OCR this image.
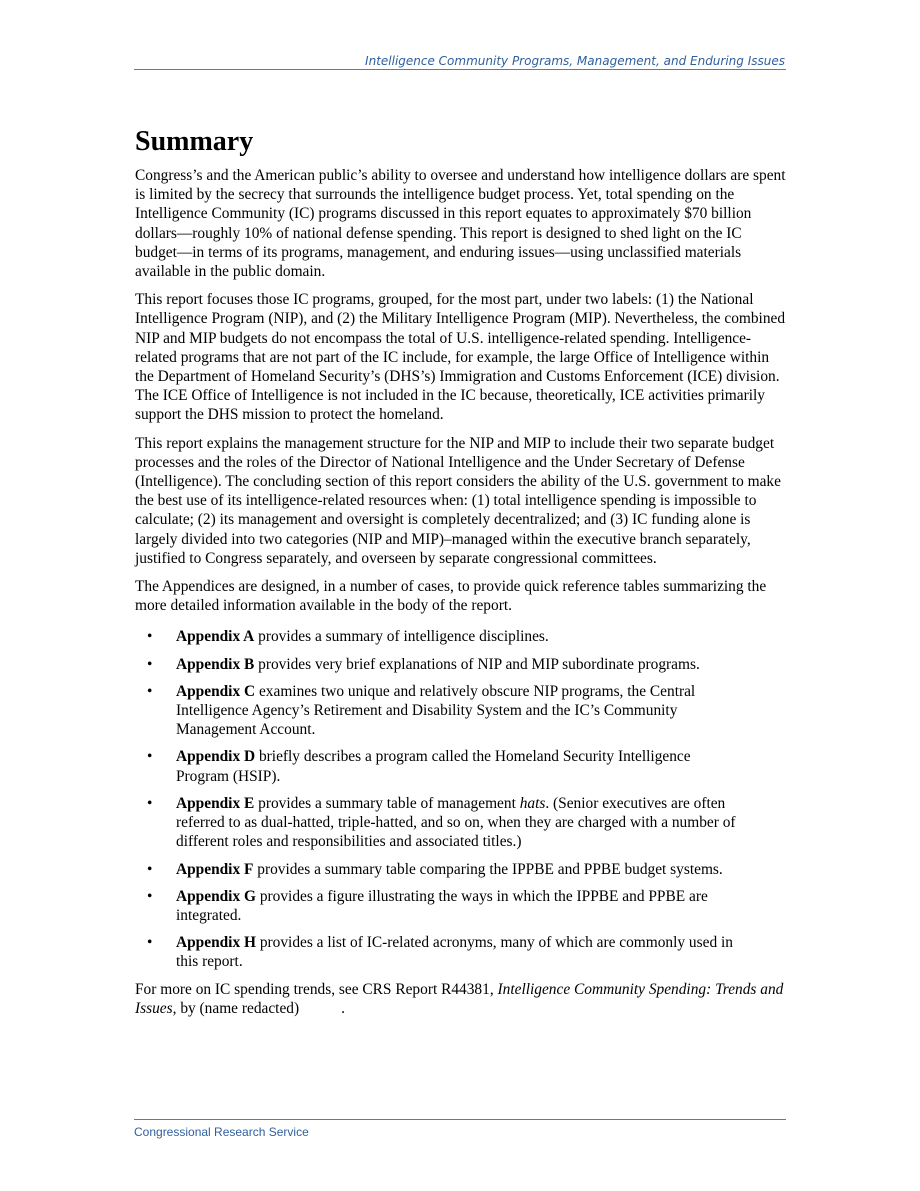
Intelligence Community Programs, Management, and Enduring Issues
Summary

Congress’s and the American public’s ability to oversee and understand how intelligence dollars are spent is limited by the secrecy that surrounds the intelligence budget process. Yet, total spending on the Intelligence Community (IC) programs discussed in this report equates to approximately $70 billion dollars—roughly 10% of national defense spending. This report is designed to shed light on the IC budget—in terms of its programs, management, and enduring issues—using unclassified materials available in the public domain.

This report focuses those IC programs, grouped, for the most part, under two labels: (1) the National Intelligence Program (NIP), and (2) the Military Intelligence Program (MIP). Nevertheless, the combined NIP and MIP budgets do not encompass the total of U.S. intelligence-related spending. Intelligence-related programs that are not part of the IC include, for example, the large Office of Intelligence within the Department of Homeland Security’s (DHS’s) Immigration and Customs Enforcement (ICE) division. The ICE Office of Intelligence is not included in the IC because, theoretically, ICE activities primarily support the DHS mission to protect the homeland.

This report explains the management structure for the NIP and MIP to include their two separate budget processes and the roles of the Director of National Intelligence and the Under Secretary of Defense (Intelligence). The concluding section of this report considers the ability of the U.S. government to make the best use of its intelligence-related resources when: (1) total intelligence spending is impossible to calculate; (2) its management and oversight is completely decentralized; and (3) IC funding alone is largely divided into two categories (NIP and MIP)–managed within the executive branch separately, justified to Congress separately, and overseen by separate congressional committees.

The Appendices are designed, in a number of cases, to provide quick reference tables summarizing the more detailed information available in the body of the report.

• Appendix A provides a summary of intelligence disciplines.
• Appendix B provides very brief explanations of NIP and MIP subordinate programs.
• Appendix C examines two unique and relatively obscure NIP programs, the Central Intelligence Agency’s Retirement and Disability System and the IC’s Community Management Account.
• Appendix D briefly describes a program called the Homeland Security Intelligence Program (HSIP).
• Appendix E provides a summary table of management hats. (Senior executives are often referred to as dual-hatted, triple-hatted, and so on, when they are charged with a number of different roles and responsibilities and associated titles.)
• Appendix F provides a summary table comparing the IPPBE and PPBE budget systems.
• Appendix G provides a figure illustrating the ways in which the IPPBE and PPBE are integrated.
• Appendix H provides a list of IC-related acronyms, many of which are commonly used in this report.

For more on IC spending trends, see CRS Report R44381, Intelligence Community Spending: Trends and Issues, by (name redacted)	.

Congressional Research Service
